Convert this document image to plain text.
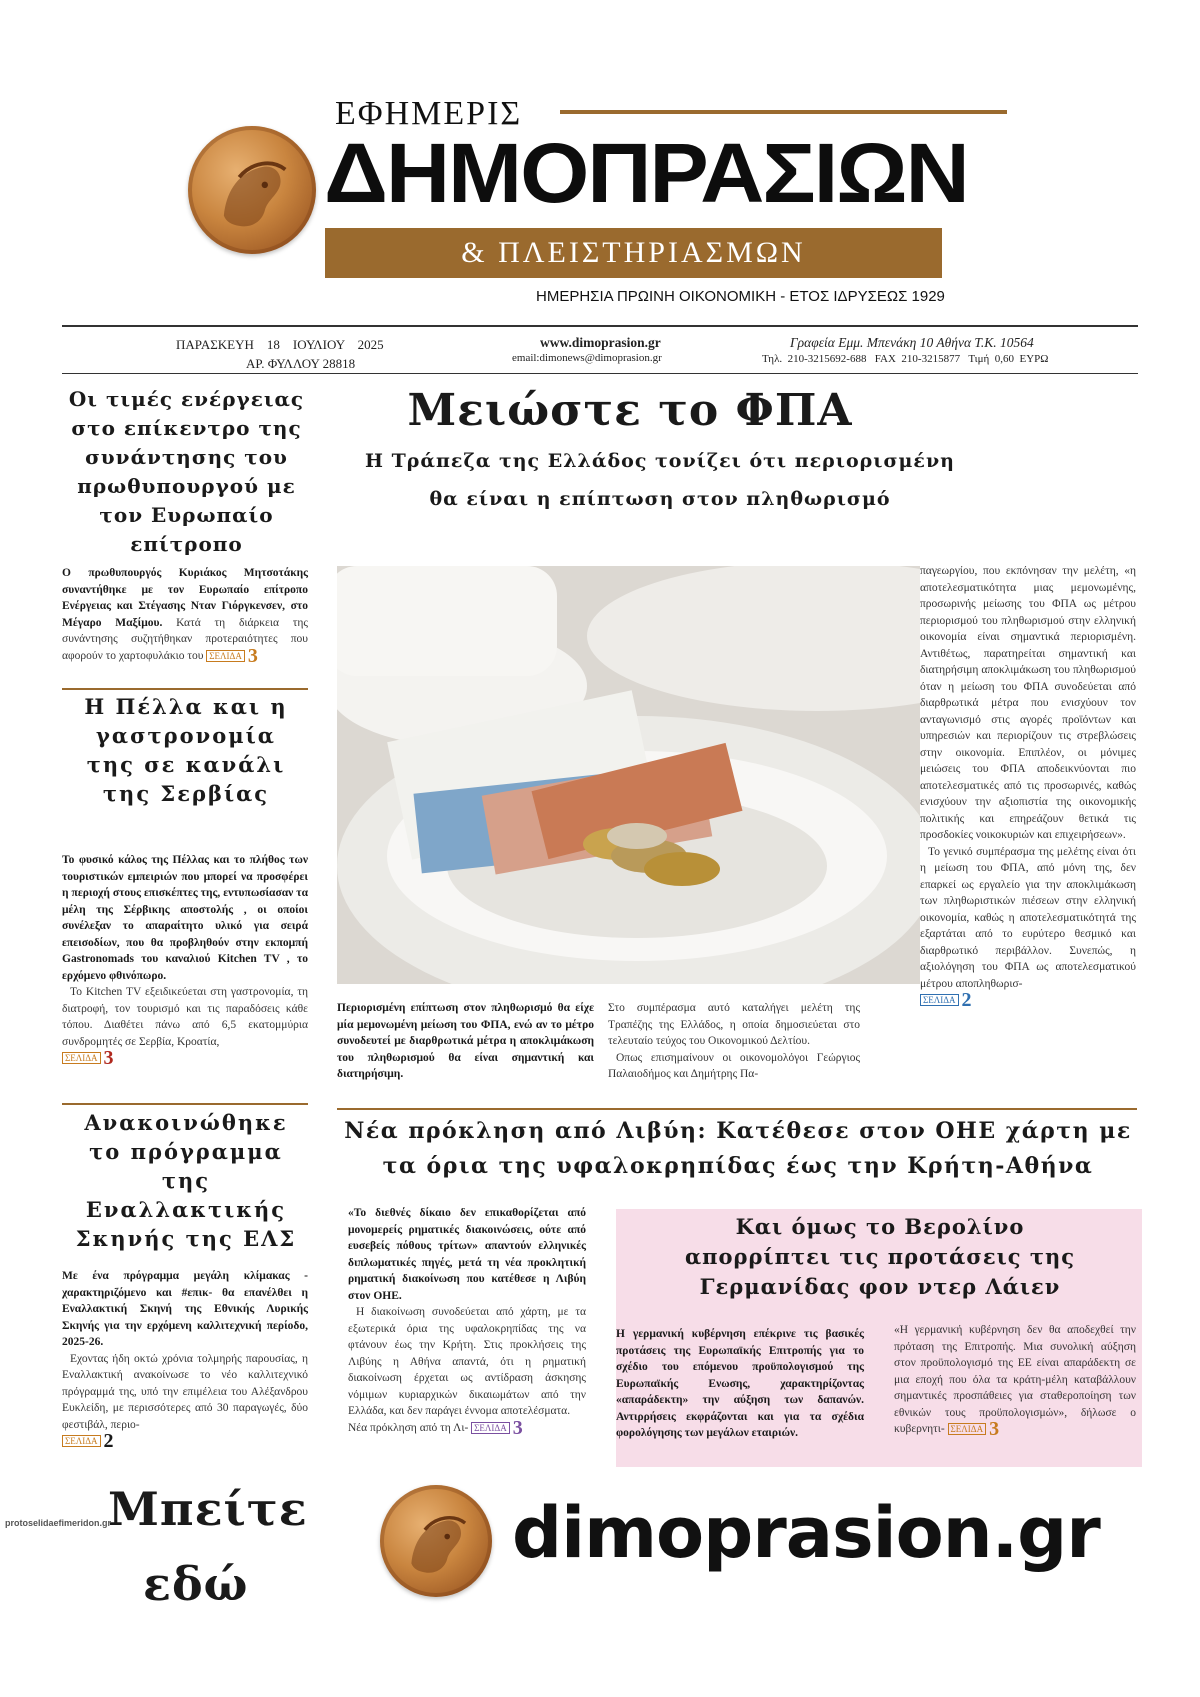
ΕΦΗΜΕΡΙΣ
ΔΗΜΟΠΡΑΣΙΩΝ
& ΠΛΕΙΣΤΗΡΙΑΣΜΩΝ
ΗΜΕΡΗΣΙΑ ΠΡΩΙΝΗ ΟΙΚΟΝΟΜΙΚΗ - ΕΤΟΣ ΙΔΡΥΣΕΩΣ 1929
ΠΑΡΑΣΚΕΥΗ    18    ΙΟΥΛΙΟΥ    2025
ΑΡ. ΦΥΛΛΟΥ 28818
www.dimoprasion.gr
email:dimonews@dimoprasion.gr
Γραφεία Εμμ. Μπενάκη 10 Αθήνα Τ.Κ. 10564
Τηλ.  210-3215692-688   FAX  210-3215877   Τιμή  0,60  ΕΥΡΩ
Οι τιμές ενέργειας στο επίκεντρο της συνάντησης του πρωθυπουργού με τον Ευρωπαίο επίτροπο
Ο πρωθυπουργός Κυριάκος Μητσοτάκης συναντήθηκε με τον Ευρωπαίο επίτροπο Ενέργειας και Στέγασης Νταν Γιόργκενσεν, στο Μέγαρο Μαξίμου. Κατά τη διάρκεια της συνάντησης συζητήθηκαν προτεραιότητες που αφορούν το χαρτοφυλάκιο του ΣΕΛΙΔΑ 3
Η Πέλλα και η γαστρονομία της σε κανάλι της Σερβίας
Το φυσικό κάλος της Πέλλας και το πλήθος των τουριστικών εμπειριών που μπορεί να προσφέρει η περιοχή στους επισκέπτες της, εντυπωσίασαν τα μέλη της Σέρβικης αποστολής , οι οποίοι συνέλεξαν το απαραίτητο υλικό για σειρά επεισοδίων, που θα προβληθούν στην εκπομπή Gastronomads του καναλιού Kitchen TV , το ερχόμενο φθινόπωρο.
Το Kitchen TV εξειδικεύεται στη γαστρονομία, τη διατροφή, τον τουρισμό και τις παραδόσεις κάθε τόπου. Διαθέτει πάνω από 6,5 εκατομμύρια συνδρομητές σε Σερβία, Κροατία,
ΣΕΛΙΔΑ 3
Ανακοινώθηκε το πρόγραμμα της Εναλλακτικής Σκηνής της ΕΛΣ
Με ένα πρόγραμμα μεγάλη κλίμακας - χαρακτηριζόμενο και #επικ- θα επανέλθει η Εναλλακτική Σκηνή της Εθνικής Λυρικής Σκηνής για την ερχόμενη καλλιτεχνική περίοδο, 2025-26.
Εχοντας ήδη οκτώ χρόνια τολμηρής παρουσίας, η Εναλλακτική ανακοίνωσε το νέο καλλιτεχνικό πρόγραμμά της, υπό την επιμέλεια του Αλέξανδρου Ευκλείδη, με περισσότερες από 30 παραγωγές, δύο φεστιβάλ, περιο-
ΣΕΛΙΔΑ 2
Μειώστε το ΦΠΑ
Η Τράπεζα της Ελλάδος τονίζει ότι περιορισμένη
θα είναι η επίπτωση στον πληθωρισμό
Περιορισμένη επίπτωση στον πληθωρισμό θα είχε μία μεμονωμένη μείωση του ΦΠΑ, ενώ αν το μέτρο συνοδευτεί με διαρθρωτικά μέτρα η αποκλιμάκωση του πληθωρισμού θα είναι σημαντική και διατηρήσιμη.
Στο συμπέρασμα αυτό καταλήγει μελέτη της Τραπέζης της Ελλάδος, η οποία δημοσιεύεται στο τελευταίο τεύχος του Οικονομικού Δελτίου.
Οπως επισημαίνουν οι οικονομολόγοι Γεώργιος Παλαιοδήμος και Δημήτρης Πα-
παγεωργίου, που εκπόνησαν την μελέτη, «η αποτελεσματικότητα μιας μεμονωμένης, προσωρινής μείωσης του ΦΠΑ ως μέτρου περιορισμού του πληθωρισμού στην ελληνική οικονομία είναι σημαντικά περιορισμένη. Αντιθέτως, παρατηρείται σημαντική και διατηρήσιμη αποκλιμάκωση του πληθωρισμού όταν η μείωση του ΦΠΑ συνοδεύεται από διαρθρωτικά μέτρα που ενισχύουν τον ανταγωνισμό στις αγορές προϊόντων και υπηρεσιών και περιορίζουν τις στρεβλώσεις στην οικονομία. Επιπλέον, οι μόνιμες μειώσεις του ΦΠΑ αποδεικνύονται πιο αποτελεσματικές από τις προσωρινές, καθώς ενισχύουν την αξιοπιστία της οικονομικής πολιτικής και επηρεάζουν θετικά τις προσδοκίες νοικοκυριών και επιχειρήσεων».
Το γενικό συμπέρασμα της μελέτης είναι ότι η μείωση του ΦΠΑ, από μόνη της, δεν επαρκεί ως εργαλείο για την αποκλιμάκωση των πληθωριστικών πιέσεων στην ελληνική οικονομία, καθώς η αποτελεσματικότητά της εξαρτάται από το ευρύτερο θεσμικό και διαρθρωτικό περιβάλλον. Συνεπώς, η αξιολόγηση του ΦΠΑ ως αποτελεσματικού μέτρου αποπληθωρισ-
ΣΕΛΙΔΑ 2
Νέα πρόκληση από Λιβύη: Κατέθεσε στον ΟΗΕ χάρτη με τα όρια της υφαλοκρηπίδας έως την Κρήτη-Αθήνα
«Το διεθνές δίκαιο δεν επικαθορίζεται από μονομερείς ρηματικές διακοινώσεις, ούτε από ευσεβείς πόθους τρίτων» απαντούν ελληνικές διπλωματικές πηγές, μετά τη νέα προκλητική ρηματική διακοίνωση που κατέθεσε η Λιβύη στον ΟΗΕ.
Η διακοίνωση συνοδεύεται από χάρτη, με τα εξωτερικά όρια της υφαλοκρηπίδας της να φτάνουν έως την Κρήτη. Στις προκλήσεις της Λιβύης η Αθήνα απαντά, ότι η ρηματική διακοίνωση έρχεται ως αντίδραση άσκησης νόμιμων κυριαρχικών δικαιωμάτων από την Ελλάδα, και δεν παράγει έννομα αποτελέσματα.
Νέα πρόκληση από τη Λι- ΣΕΛΙΔΑ 3
Και όμως το Βερολίνο απορρίπτει τις προτάσεις της Γερμανίδας φον ντερ Λάιεν
Η γερμανική κυβέρνηση επέκρινε τις βασικές προτάσεις της Ευρωπαϊκής Επιτροπής για το σχέδιο του επόμενου προϋπολογισμού της Ευρωπαϊκής Ενωσης, χαρακτηρίζοντας «απαράδεκτη» την αύξηση των δαπανών. Αντιρρήσεις εκφράζονται και για τα σχέδια φορολόγησης των μεγάλων εταιριών.
«Η γερμανική κυβέρνηση δεν θα αποδεχθεί την πρόταση της Επιτροπής. Μια συνολική αύξηση στον προϋπολογισμό της ΕΕ είναι απαράδεκτη σε μια εποχή που όλα τα κράτη-μέλη καταβάλλουν σημαντικές προσπάθειες για σταθεροποίηση των εθνικών τους προϋπολογισμών», δήλωσε ο κυβερνητι- ΣΕΛΙΔΑ 3
Μπείτε
εδώ
protoselidaefimeridon.gr	dimoprasion.gr
